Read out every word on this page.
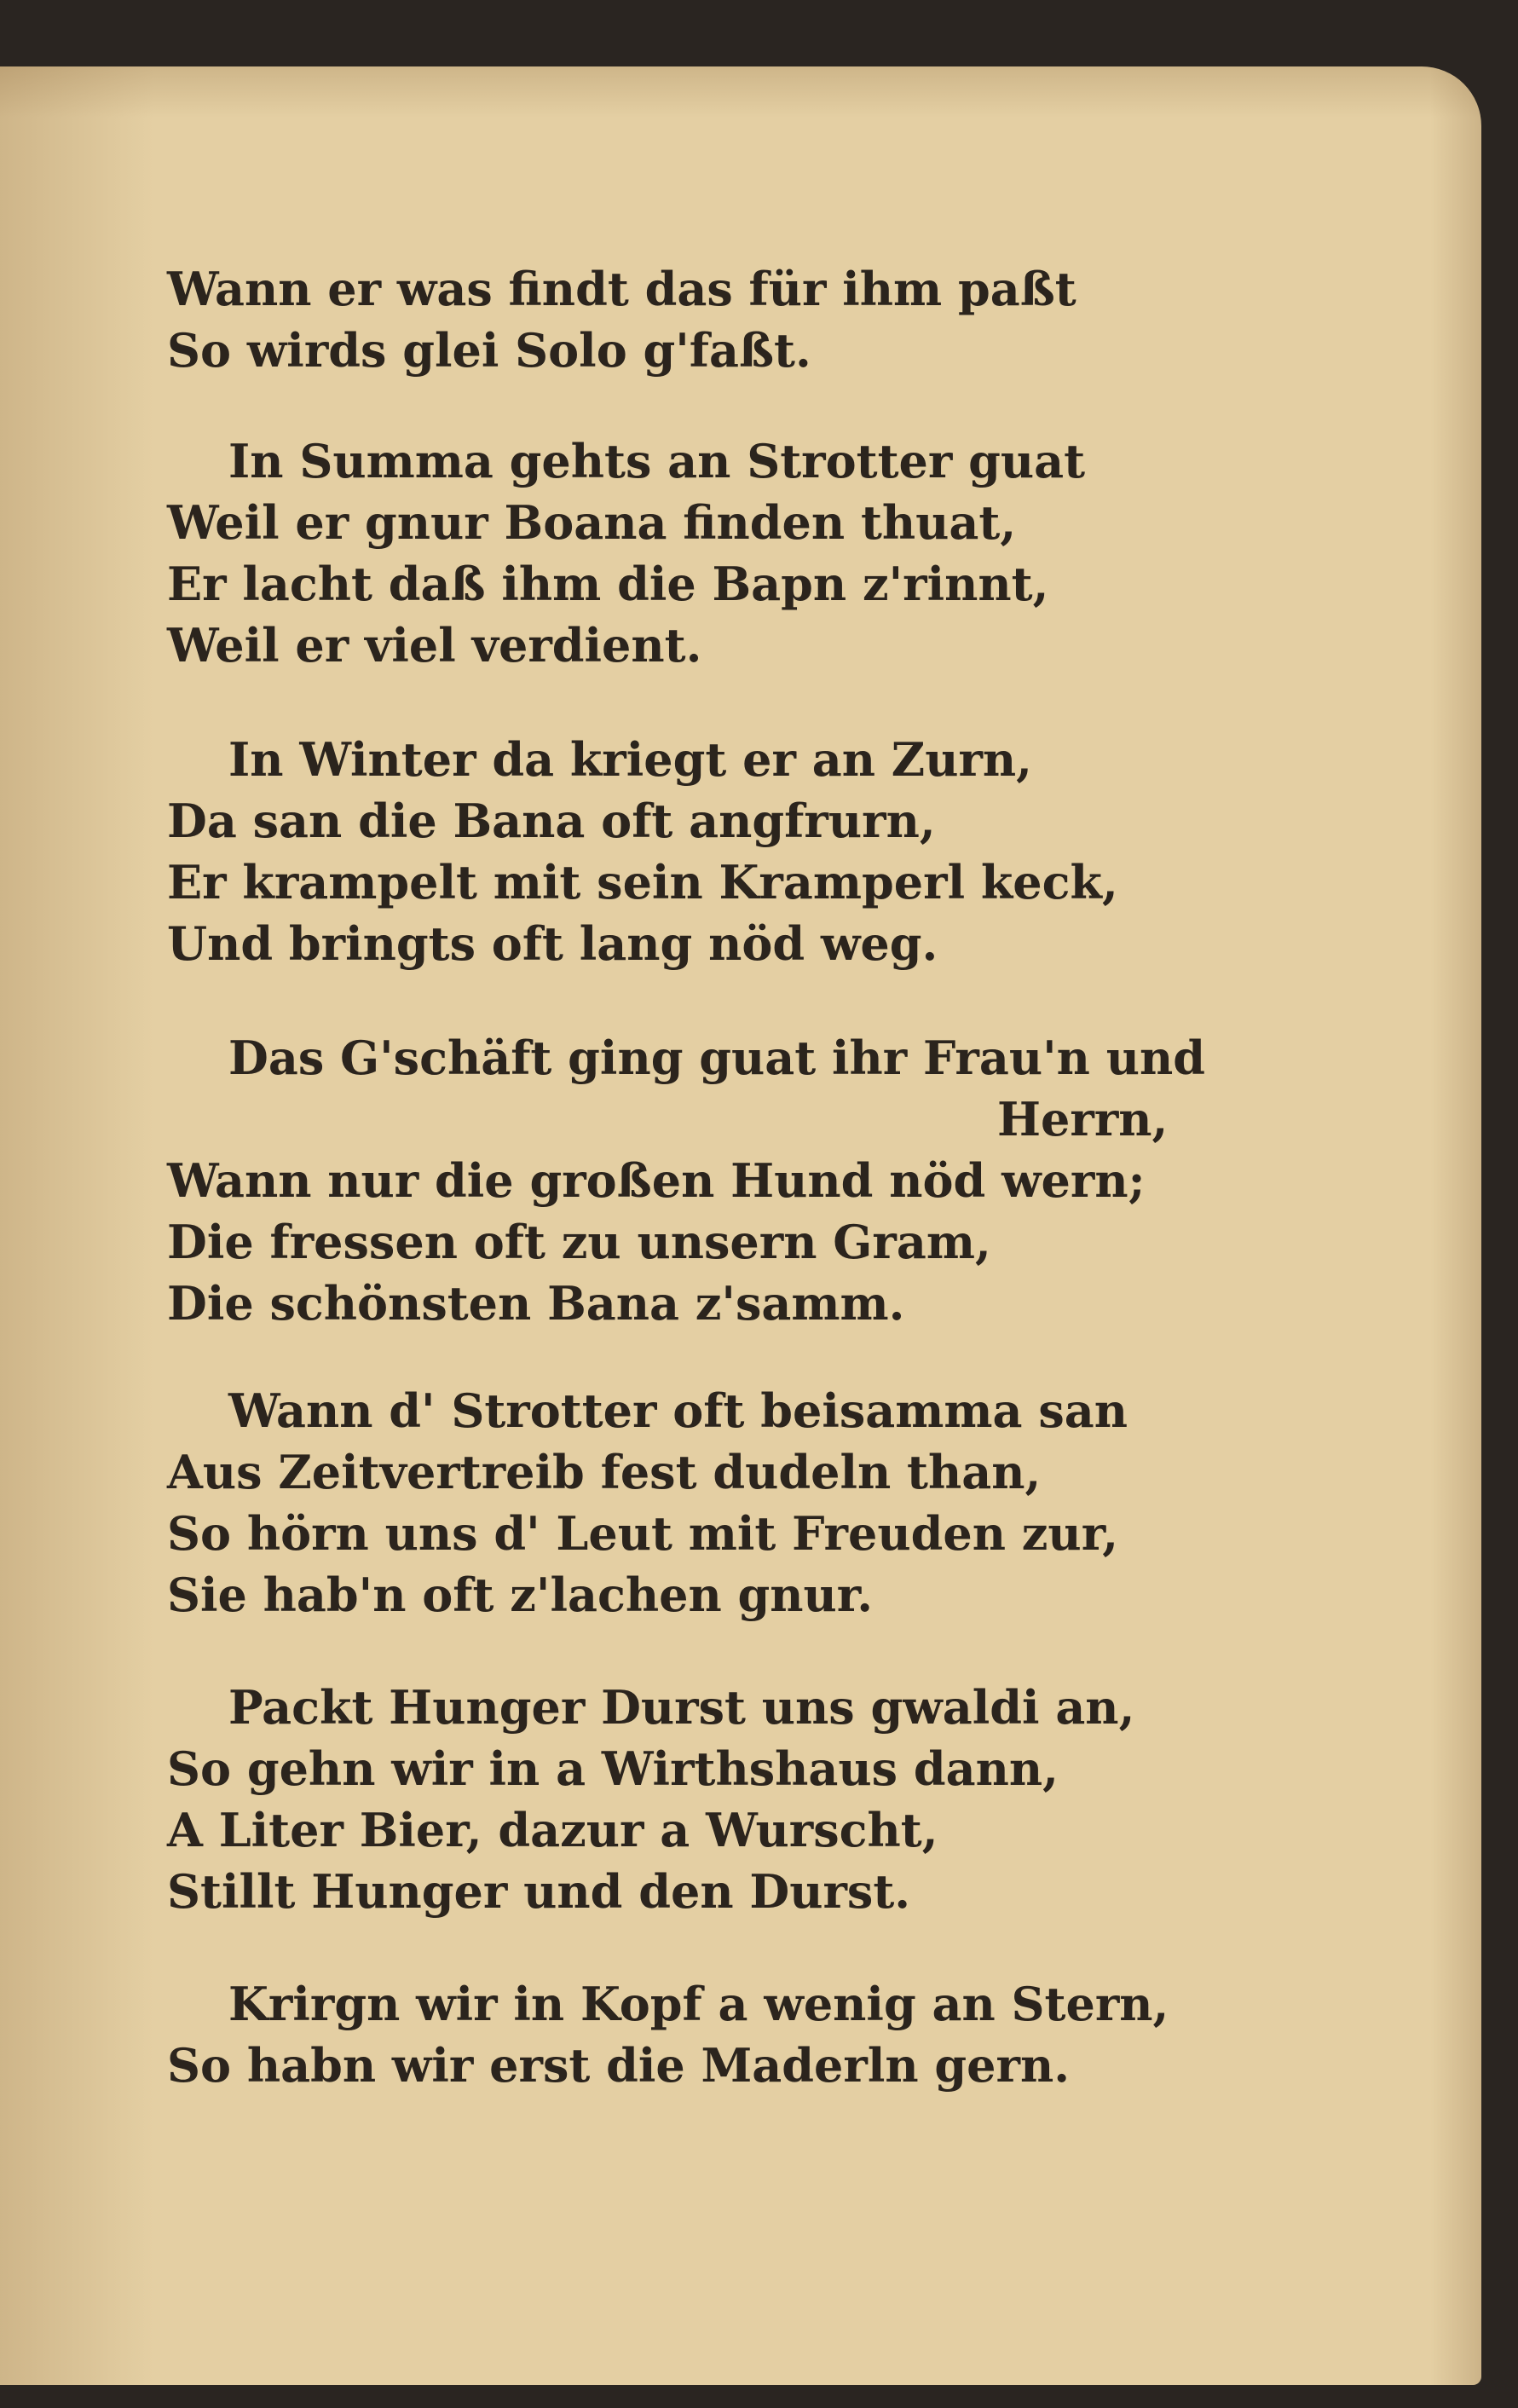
Wann er was findt das für ihm paßt
So wirds glei Solo g'faßt.
In Summa gehts an Strotter guat
Weil er gnur Boana finden thuat,
Er lacht daß ihm die Bapn z'rinnt,
Weil er viel verdient.
In Winter da kriegt er an Zurn,
Da san die Bana oft angfrurn,
Er krampelt mit sein Kramperl keck,
Und bringts oft lang nöd weg.
Das G'schäft ging guat ihr Frau'n und
Herrn,
Wann nur die großen Hund nöd wern;
Die fressen oft zu unsern Gram,
Die schönsten Bana z'samm.
Wann d' Strotter oft beisamma san
Aus Zeitvertreib fest dudeln than,
So hörn uns d' Leut mit Freuden zur,
Sie hab'n oft z'lachen gnur.
Packt Hunger Durst uns gwaldi an,
So gehn wir in a Wirthshaus dann,
A Liter Bier, dazur a Wurscht,
Stillt Hunger und den Durst.
Krirgn wir in Kopf a wenig an Stern,
So habn wir erst die Maderln gern.
